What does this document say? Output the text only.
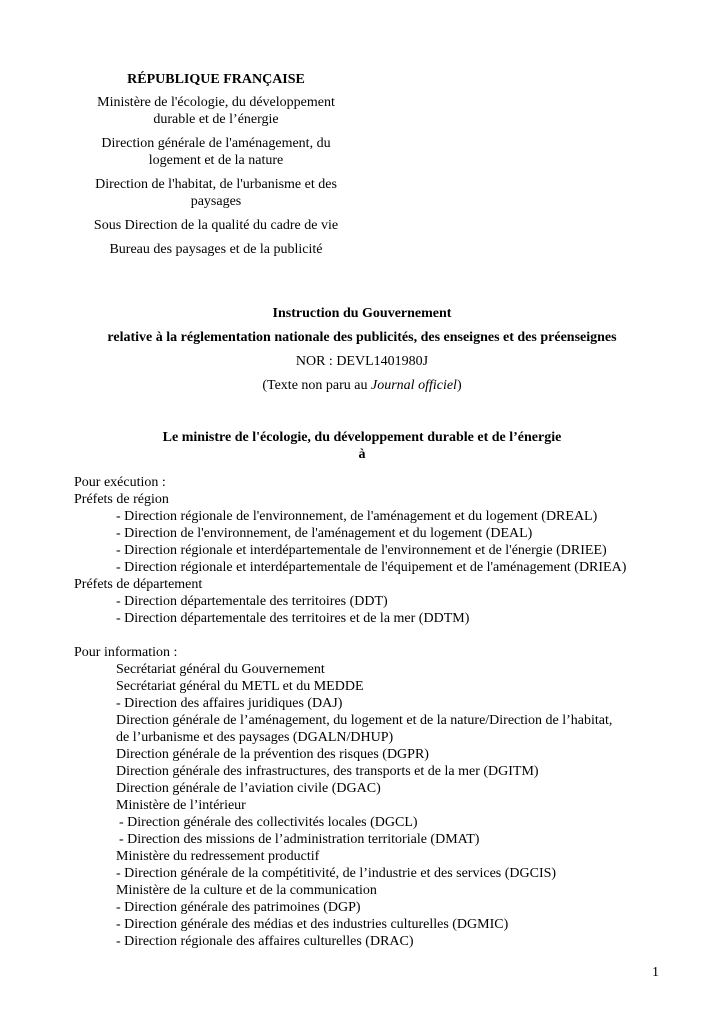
RÉPUBLIQUE FRANÇAISE
Ministère de l'écologie, du développement durable et de l’énergie
Direction générale de l'aménagement, du logement et de la nature
Direction de l'habitat, de l'urbanisme et des paysages
Sous Direction de la qualité du cadre de vie
Bureau des paysages et de la publicité
Instruction du Gouvernement
relative à la réglementation nationale des publicités, des enseignes et des préenseignes
NOR : DEVL1401980J
(Texte non paru au Journal officiel)
Le ministre de l'écologie, du développement durable et de l’énergie
à
Pour exécution :
Préfets de région
- Direction régionale de l'environnement, de l'aménagement et du logement (DREAL)
- Direction de l'environnement, de l'aménagement et du logement (DEAL)
- Direction régionale et interdépartementale de l'environnement et de l'énergie (DRIEE)
- Direction régionale et interdépartementale de l'équipement et de l'aménagement (DRIEA)
Préfets de département
- Direction départementale des territoires (DDT)
- Direction départementale des territoires et de la mer (DDTM)
Pour information :
Secrétariat général du Gouvernement
Secrétariat général du METL et du MEDDE
- Direction des affaires juridiques (DAJ)
Direction générale de l’aménagement, du logement et de la nature/Direction de l’habitat,
de l’urbanisme et des paysages (DGALN/DHUP)
Direction générale de la prévention des risques (DGPR)
Direction générale des infrastructures, des transports et de la mer (DGITM)
Direction générale de l’aviation civile (DGAC)
Ministère de l’intérieur
- Direction générale des collectivités locales (DGCL)
- Direction des missions de l’administration territoriale (DMAT)
Ministère du redressement productif
- Direction générale de la compétitivité, de l’industrie et des services (DGCIS)
Ministère de la culture et de la communication
- Direction générale des patrimoines (DGP)
- Direction générale des médias et des industries culturelles (DGMIC)
- Direction régionale des affaires culturelles (DRAC)
1
